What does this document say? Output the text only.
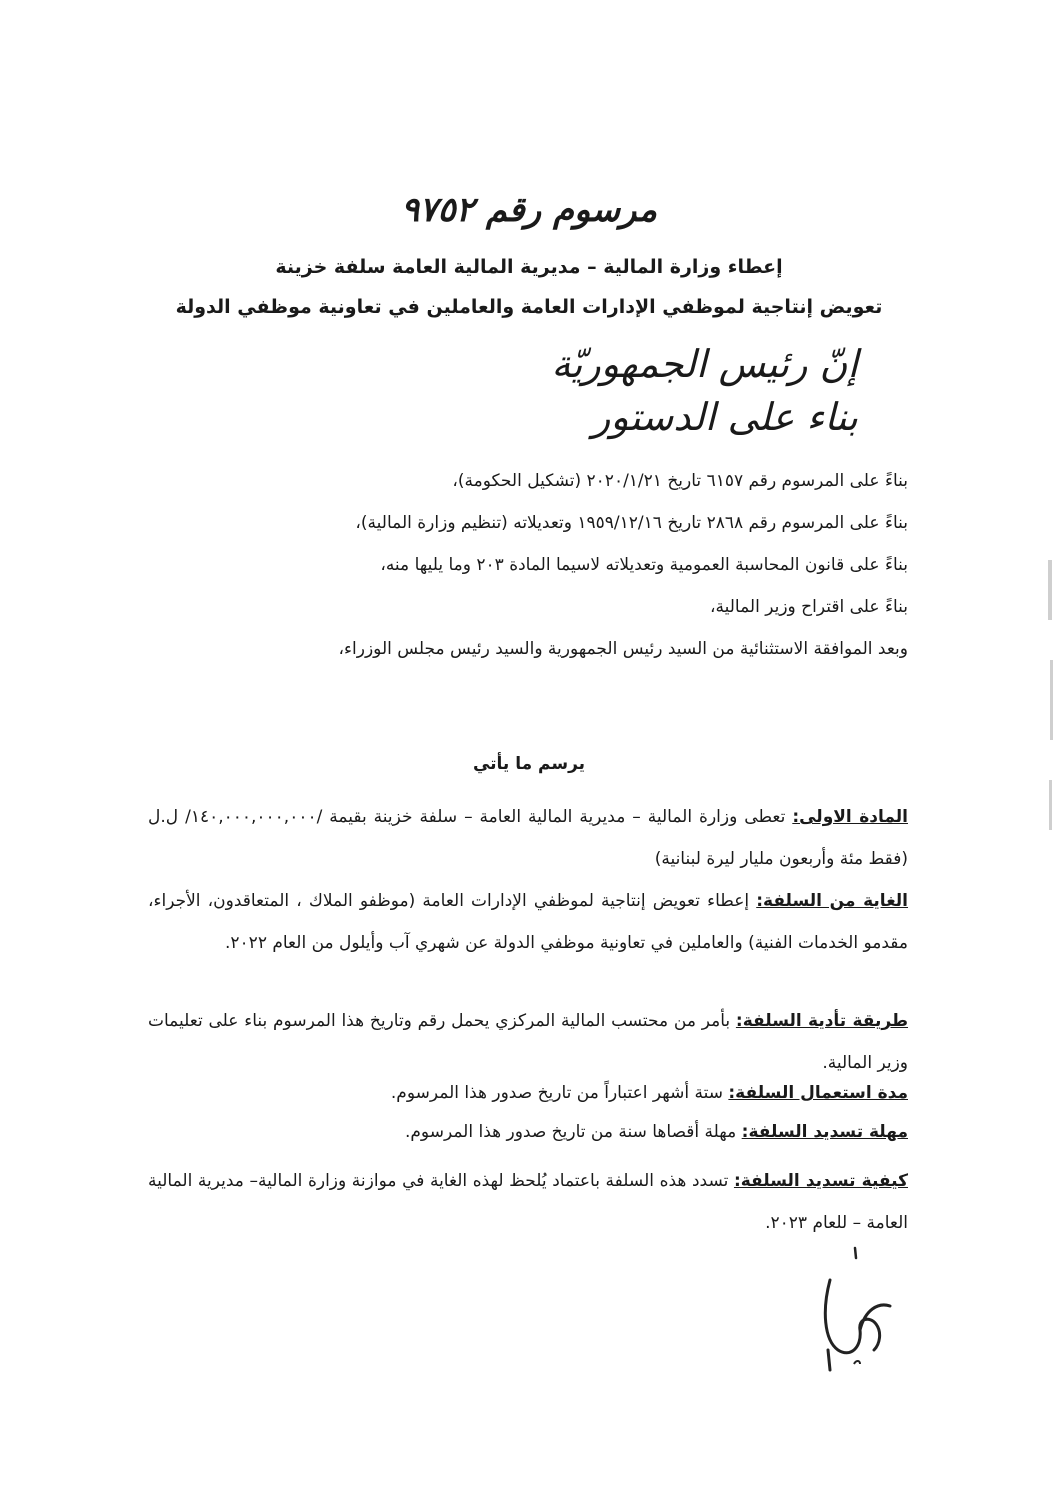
مرسوم رقم ٩٧٥٢
إعطاء وزارة المالية – مديرية المالية العامة سلفة خزينة
تعويض إنتاجية لموظفي الإدارات العامة والعاملين في تعاونية موظفي الدولة
إنّ رئيس الجمهوريّة
بناء على الدستور
بناءً على المرسوم رقم ٦١٥٧ تاريخ ٢٠٢٠/١/٢١ (تشكيل الحكومة)،
بناءً على المرسوم رقم ٢٨٦٨ تاريخ ١٩٥٩/١٢/١٦ وتعديلاته (تنظيم وزارة المالية)،
بناءً على قانون المحاسبة العمومية وتعديلاته لاسيما المادة ٢٠٣ وما يليها منه،
بناءً على اقتراح وزير المالية،
وبعد الموافقة الاستثنائية من السيد رئيس الجمهورية والسيد رئيس مجلس الوزراء،
يرسم ما يأتي
المادة الاولى: تعطى وزارة المالية – مديرية المالية العامة – سلفة خزينة بقيمة /١٤٠,٠٠٠,٠٠٠,٠٠٠/ ل.ل (فقط مئة وأربعون مليار ليرة لبنانية)
الغاية من السلفة: إعطاء تعويض إنتاجية لموظفي الإدارات العامة (موظفو الملاك ، المتعاقدون، الأجراء، مقدمو الخدمات الفنية) والعاملين في تعاونية موظفي الدولة عن شهري آب وأيلول من العام ٢٠٢٢.
طريقة تأدية السلفة: بأمر من محتسب المالية المركزي يحمل رقم وتاريخ هذا المرسوم بناء على تعليمات وزير المالية.
مدة استعمال السلفة: ستة أشهر اعتباراً من تاريخ صدور هذا المرسوم.
مهلة تسديد السلفة: مهلة أقصاها سنة من تاريخ صدور هذا المرسوم.
كيفية تسديد السلفة: تسدد هذه السلفة باعتماد يُلحظ لهذه الغاية في موازنة وزارة المالية– مديرية المالية العامة – للعام ٢٠٢٣.
